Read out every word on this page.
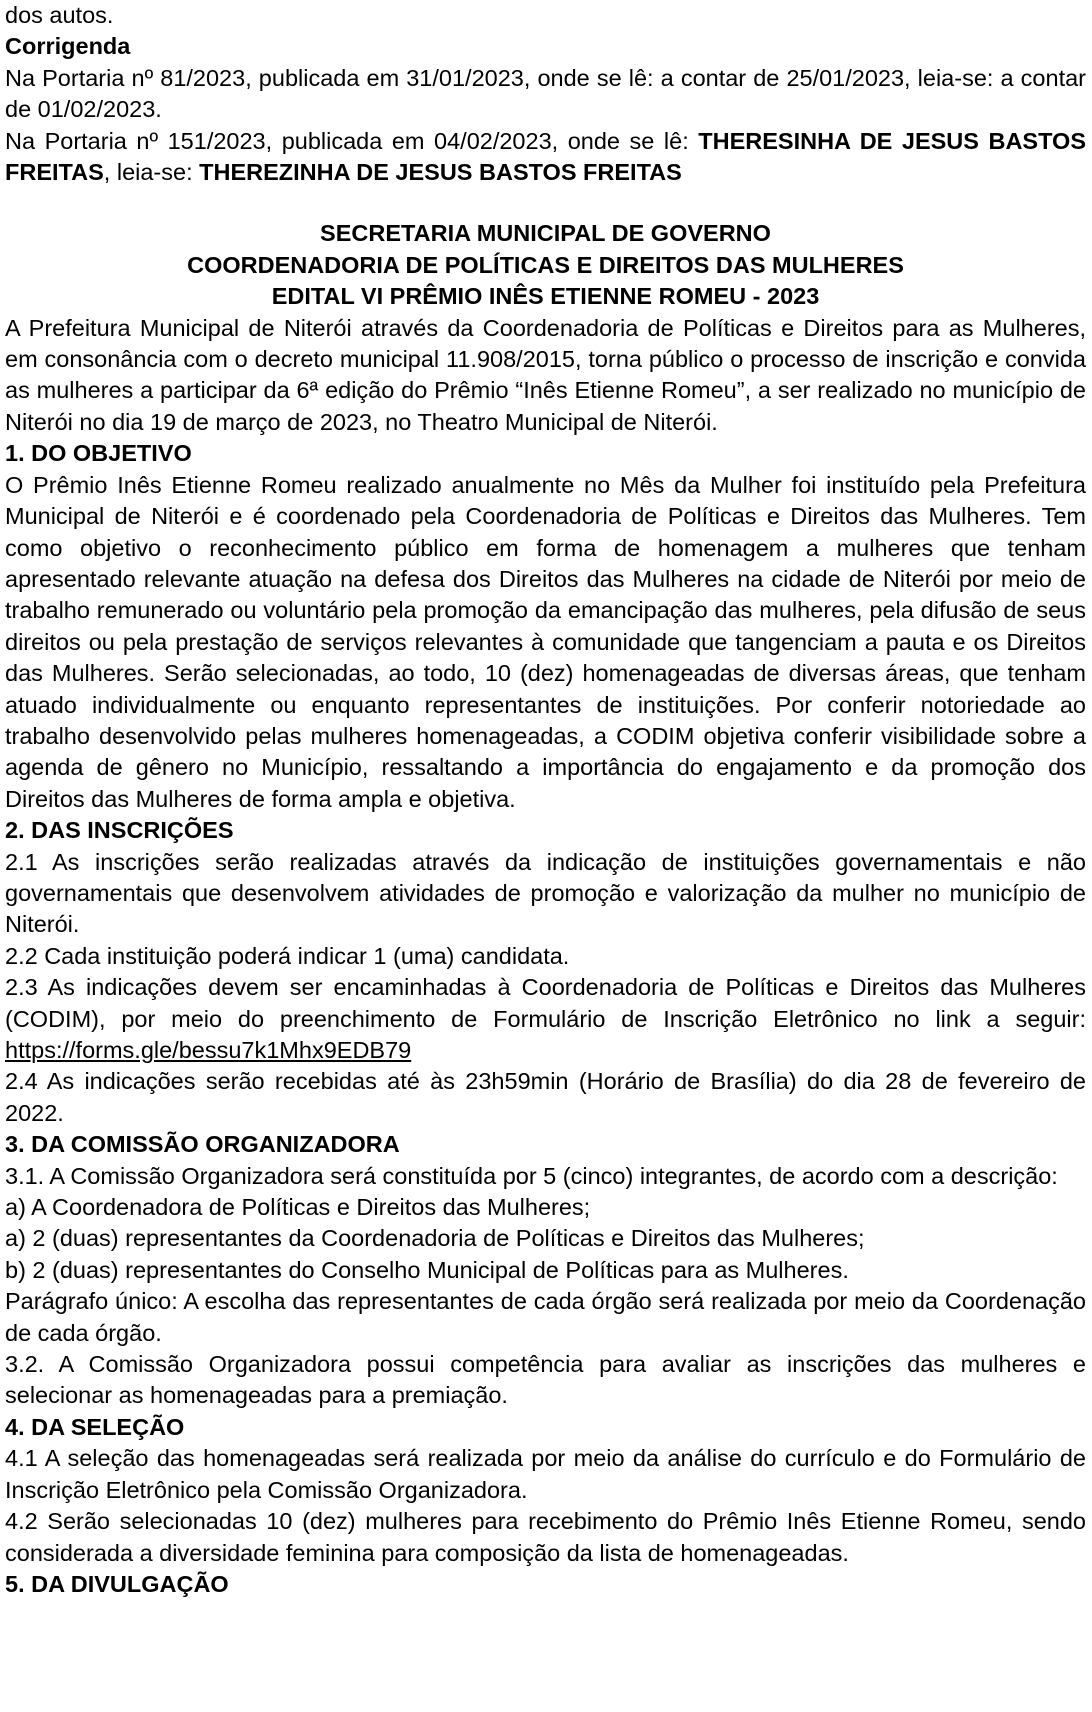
dos autos.

Corrigenda

Na Portaria nº 81/2023, publicada em 31/01/2023, onde se lê: a contar de 25/01/2023, leia-se: a contar de 01/02/2023.

Na Portaria nº 151/2023, publicada em 04/02/2023, onde se lê: THERESINHA DE JESUS BASTOS FREITAS, leia-se: THEREZINHA DE JESUS BASTOS FREITAS

SECRETARIA MUNICIPAL DE GOVERNO

COORDENADORIA DE POLÍTICAS E DIREITOS DAS MULHERES

EDITAL VI PRÊMIO INÊS ETIENNE ROMEU - 2023

A Prefeitura Municipal de Niterói através da Coordenadoria de Políticas e Direitos para as Mulheres, em consonância com o decreto municipal 11.908/2015, torna público o processo de inscrição e convida as mulheres a participar da 6ª edição do Prêmio “Inês Etienne Romeu”, a ser realizado no município de Niterói no dia 19 de março de 2023, no Theatro Municipal de Niterói.

1. DO OBJETIVO

O Prêmio Inês Etienne Romeu realizado anualmente no Mês da Mulher foi instituído pela Prefeitura Municipal de Niterói e é coordenado pela Coordenadoria de Políticas e Direitos das Mulheres. Tem como objetivo o reconhecimento público em forma de homenagem a mulheres que tenham apresentado relevante atuação na defesa dos Direitos das Mulheres na cidade de Niterói por meio de trabalho remunerado ou voluntário pela promoção da emancipação das mulheres, pela difusão de seus direitos ou pela prestação de serviços relevantes à comunidade que tangenciam a pauta e os Direitos das Mulheres. Serão selecionadas, ao todo, 10 (dez) homenageadas de diversas áreas, que tenham atuado individualmente ou enquanto representantes de instituições. Por conferir notoriedade ao trabalho desenvolvido pelas mulheres homenageadas, a CODIM objetiva conferir visibilidade sobre a agenda de gênero no Município, ressaltando a importância do engajamento e da promoção dos Direitos das Mulheres de forma ampla e objetiva.

2. DAS INSCRIÇÕES

2.1 As inscrições serão realizadas através da indicação de instituições governamentais e não governamentais que desenvolvem atividades de promoção e valorização da mulher no município de Niterói.

2.2 Cada instituição poderá indicar 1 (uma) candidata.

2.3 As indicações devem ser encaminhadas à Coordenadoria de Políticas e Direitos das Mulheres (CODIM), por meio do preenchimento de Formulário de Inscrição Eletrônico no link a seguir: https://forms.gle/bessu7k1Mhx9EDB79

2.4 As indicações serão recebidas até às 23h59min (Horário de Brasília) do dia 28 de fevereiro de 2022.

3. DA COMISSÃO ORGANIZADORA

3.1. A Comissão Organizadora será constituída por 5 (cinco) integrantes, de acordo com a descrição:

a) A Coordenadora de Políticas e Direitos das Mulheres;

a) 2 (duas) representantes da Coordenadoria de Políticas e Direitos das Mulheres;

b) 2 (duas) representantes do Conselho Municipal de Políticas para as Mulheres.

Parágrafo único: A escolha das representantes de cada órgão será realizada por meio da Coordenação de cada órgão.

3.2. A Comissão Organizadora possui competência para avaliar as inscrições das mulheres e selecionar as homenageadas para a premiação.

4. DA SELEÇÃO

4.1 A seleção das homenageadas será realizada por meio da análise do currículo e do Formulário de Inscrição Eletrônico pela Comissão Organizadora.

4.2 Serão selecionadas 10 (dez) mulheres para recebimento do Prêmio Inês Etienne Romeu, sendo considerada a diversidade feminina para composição da lista de homenageadas.

5. DA DIVULGAÇÃO
